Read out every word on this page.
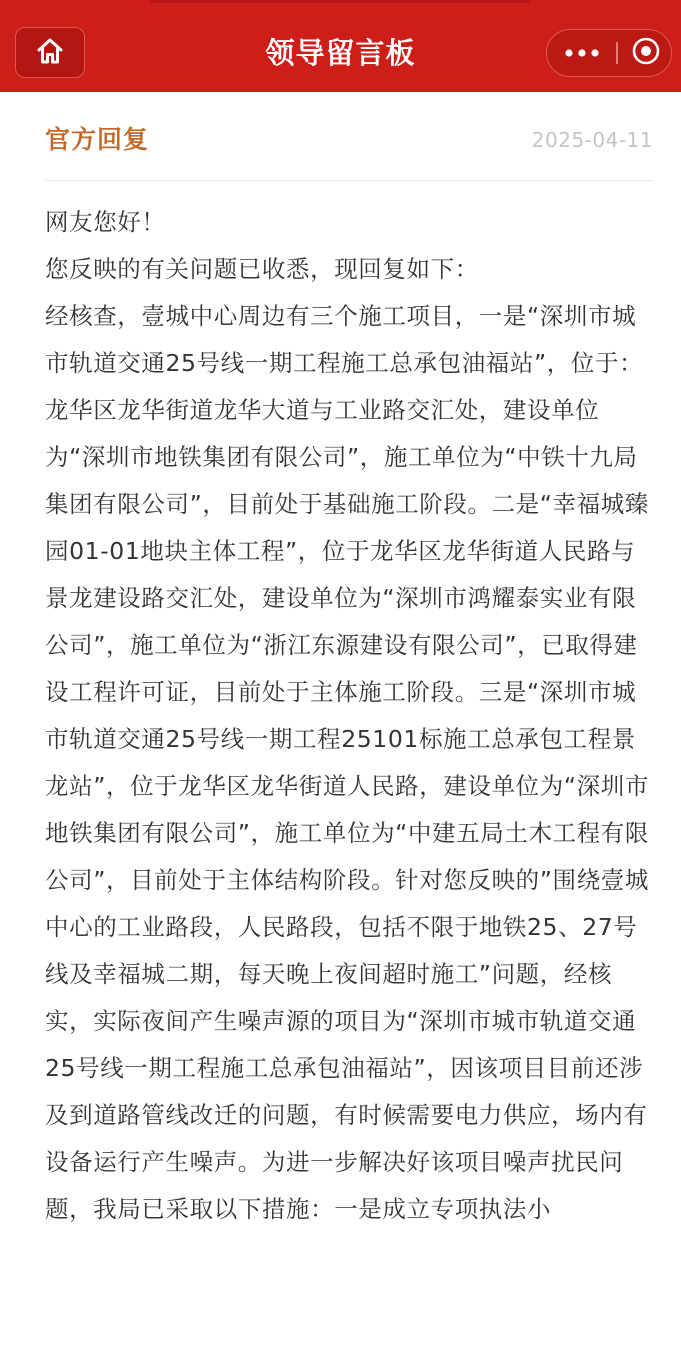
领导留言板
官方回复	2025-04-11

网友您好！

您反映的有关问题已收悉，现回复如下：

经核查，壹城中心周边有三个施工项目，一是“深圳市城市轨道交通25号线一期工程施工总承包油福站”，位于：龙华区龙华街道龙华大道与工业路交汇处，建设单位为“深圳市地铁集团有限公司”，施工单位为“中铁十九局集团有限公司”，目前处于基础施工阶段。二是“幸福城臻园01-01地块主体工程”，位于龙华区龙华街道人民路与景龙建设路交汇处，建设单位为“深圳市鸿耀泰实业有限公司”，施工单位为“浙江东源建设有限公司”，已取得建设工程许可证，目前处于主体施工阶段。三是“深圳市城市轨道交通25号线一期工程25101标施工总承包工程景龙站”，位于龙华区龙华街道人民路，建设单位为“深圳市地铁集团有限公司”，施工单位为“中建五局土木工程有限公司”，目前处于主体结构阶段。针对您反映的”围绕壹城中心的工业路段，人民路段，包括不限于地铁25、27号线及幸福城二期，每天晚上夜间超时施工”问题，经核实，实际夜间产生噪声源的项目为“深圳市城市轨道交通25号线一期工程施工总承包油福站”，因该项目目前还涉及到道路管线改迁的问题，有时候需要电力供应，场内有设备运行产生噪声。为进一步解决好该项目噪声扰民问题，我局已采取以下措施：一是成立专项执法小
